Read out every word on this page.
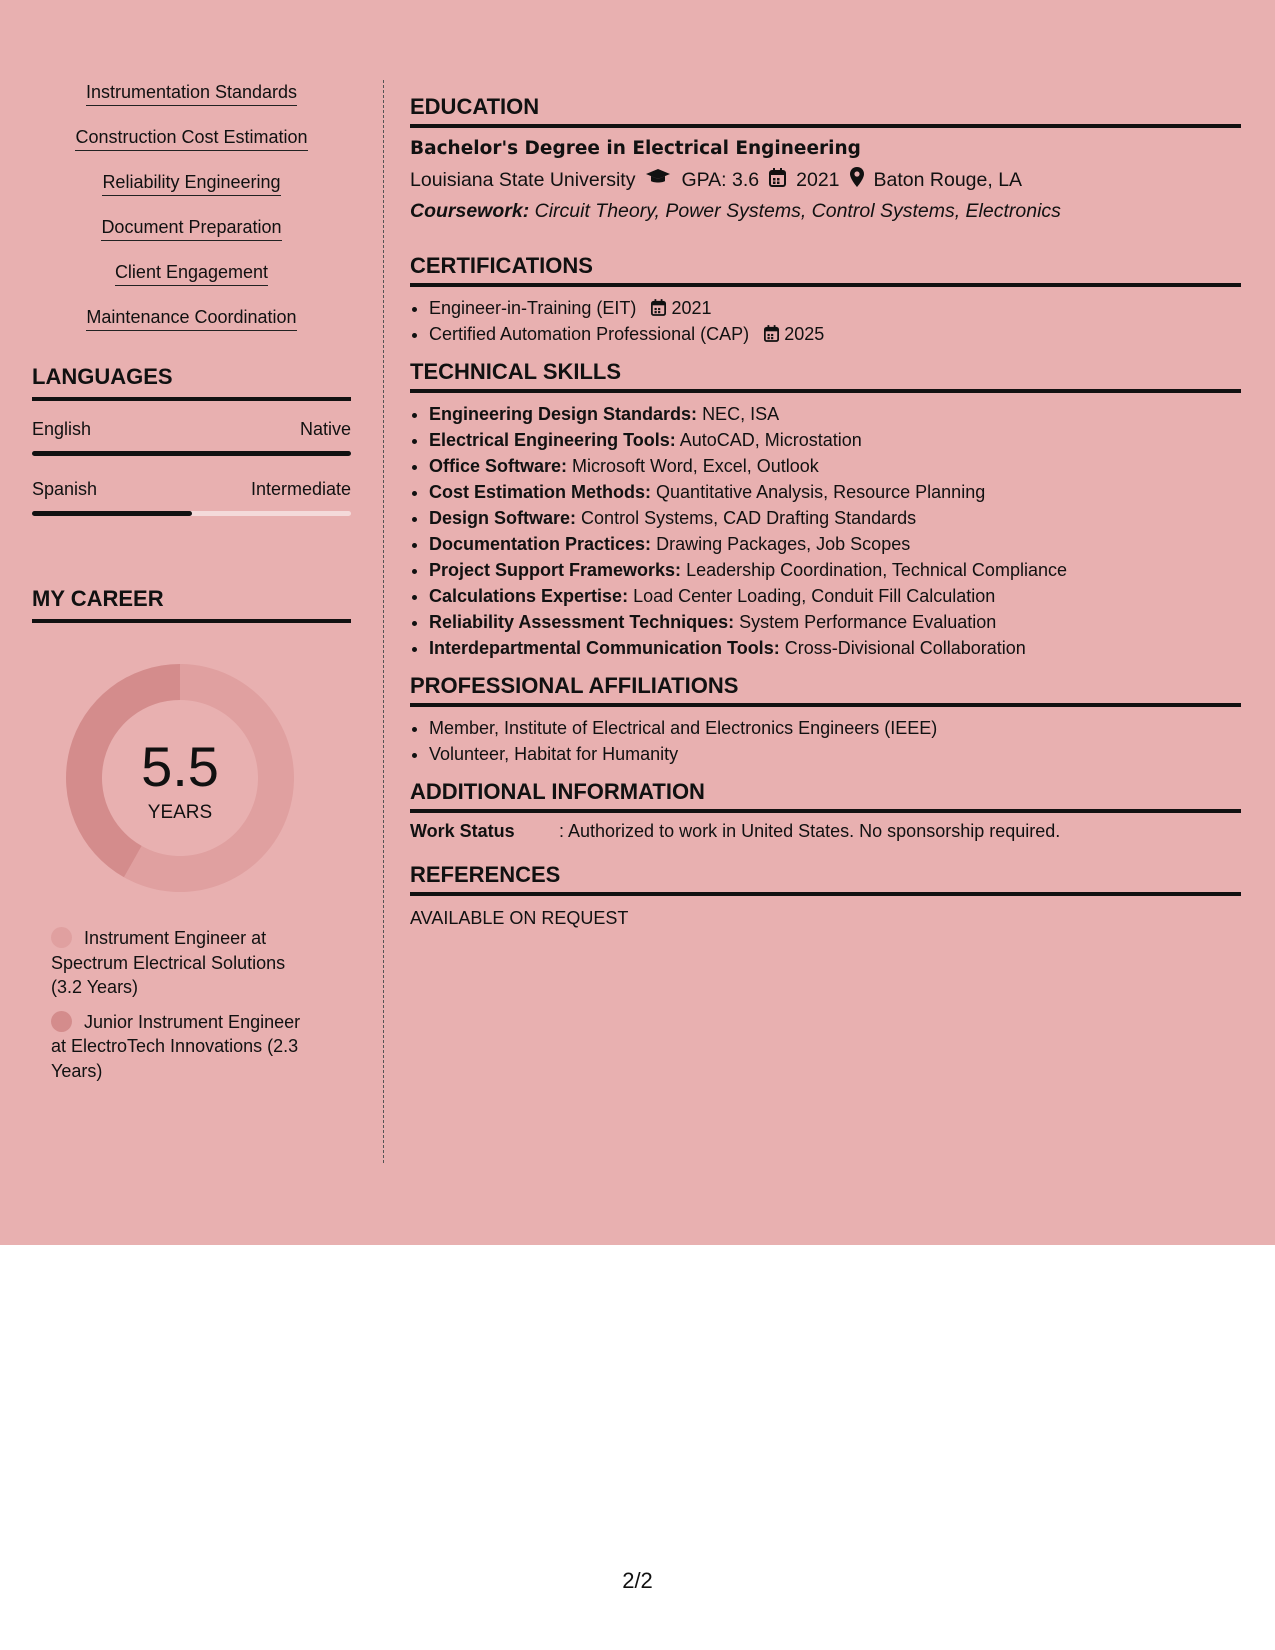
Instrumentation Standards
Construction Cost Estimation
Reliability Engineering
Document Preparation
Client Engagement
Maintenance Coordination
LANGUAGES
English	Native
Spanish	Intermediate
MY CAREER
5.5
YEARS
Instrument Engineer at Spectrum Electrical Solutions (3.2 Years)
Junior Instrument Engineer at ElectroTech Innovations (2.3 Years)
EDUCATION
Bachelor's Degree in Electrical Engineering
Louisiana State University GPA: 3.6 2021 Baton Rouge, LA
Coursework: Circuit Theory, Power Systems, Control Systems, Electronics
CERTIFICATIONS
• Engineer-in-Training (EIT) 2021
• Certified Automation Professional (CAP) 2025
TECHNICAL SKILLS
• Engineering Design Standards: NEC, ISA
• Electrical Engineering Tools: AutoCAD, Microstation
• Office Software: Microsoft Word, Excel, Outlook
• Cost Estimation Methods: Quantitative Analysis, Resource Planning
• Design Software: Control Systems, CAD Drafting Standards
• Documentation Practices: Drawing Packages, Job Scopes
• Project Support Frameworks: Leadership Coordination, Technical Compliance
• Calculations Expertise: Load Center Loading, Conduit Fill Calculation
• Reliability Assessment Techniques: System Performance Evaluation
• Interdepartmental Communication Tools: Cross-Divisional Collaboration
PROFESSIONAL AFFILIATIONS
• Member, Institute of Electrical and Electronics Engineers (IEEE)
• Volunteer, Habitat for Humanity
ADDITIONAL INFORMATION
Work Status	: Authorized to work in United States. No sponsorship required.
REFERENCES
AVAILABLE ON REQUEST
2/2
